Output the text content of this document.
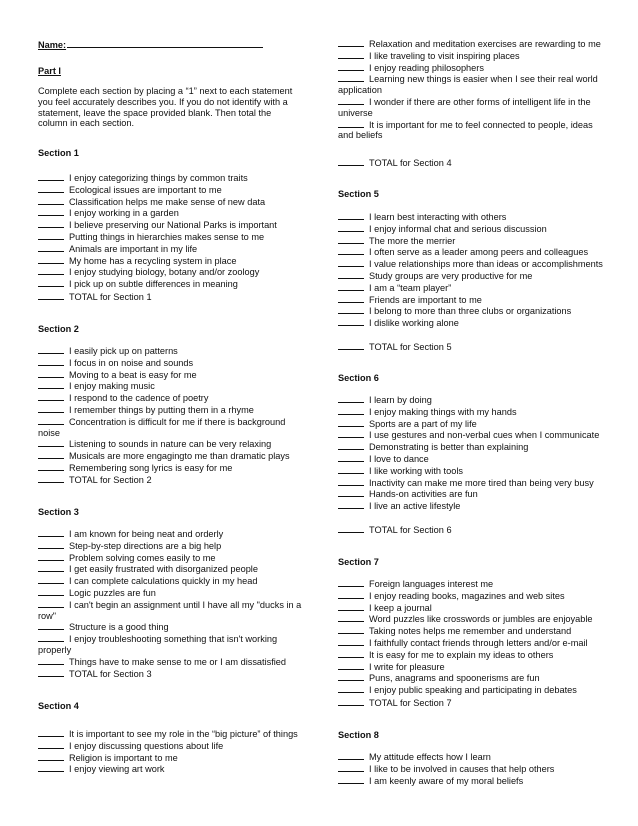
Name:
Part I
Complete each section by placing a “1” next to each statement you feel accurately describes you. If you do not identify with a statement, leave the space provided blank. Then total the column in each section.
Section 1
I enjoy categorizing things by common traits
Ecological issues are important to me
Classification helps me make sense of new data
I enjoy working in a garden
I believe preserving our National Parks is important
Putting things in hierarchies makes sense to me
Animals are important in my life
My home has a recycling system in place
I enjoy studying biology, botany and/or zoology
I pick up on subtle differences in meaning
TOTAL for Section 1
Section 2
I easily pick up on patterns
I focus in on noise and sounds
Moving to a beat is easy for me
I enjoy making music
I respond to the cadence of poetry
I remember things by putting them in a rhyme
Concentration is difficult for me if there is background noise
Listening to sounds in nature can be very relaxing
Musicals are more engagingto me than dramatic plays
Remembering song lyrics is easy for me
TOTAL for Section 2
Section 3
I am known for being neat and orderly
Step-by-step directions are a big help
Problem solving comes easily to me
I get easily frustrated with disorganized people
I can complete calculations quickly in my head
Logic puzzles are fun
I can't begin an assignment until I have all my "ducks in a row"
Structure is a good thing
I enjoy troubleshooting something that isn't working properly
Things have to make sense to me or I am dissatisfied
TOTAL for Section 3
Section 4
It is important to see my role in the “big picture” of things
I enjoy discussing questions about life
Religion is important to me
I enjoy viewing art work
Relaxation and meditation exercises are rewarding to me
I like traveling to visit inspiring places
I enjoy reading philosophers
Learning new things is easier when I see their real world application
I wonder if there are other forms of intelligent life in the universe
It is important for me to feel connected to people, ideas and beliefs
TOTAL for Section 4
Section 5
I learn best interacting with others
I enjoy informal chat and serious discussion
The more the merrier
I often serve as a leader among peers and colleagues
I value relationships more than ideas or accomplishments
Study groups are very productive for me
I am a “team player”
Friends are important to me
I belong to more than three clubs or organizations
I dislike working alone
TOTAL for Section 5
Section 6
I learn by doing
I enjoy making things with my hands
Sports are a part of my life
I use gestures and non-verbal cues when I communicate
Demonstrating is better than explaining
I love to dance
I like working with tools
Inactivity can make me more tired than being very busy
Hands-on activities are fun
I live an active lifestyle
TOTAL for Section 6
Section 7
Foreign languages interest me
I enjoy reading books, magazines and web sites
I keep a journal
Word puzzles like crosswords or jumbles are enjoyable
Taking notes helps me remember and understand
I faithfully contact friends through letters and/or e-mail
It is easy for me to explain my ideas to others
I write for pleasure
Puns, anagrams and spoonerisms are fun
I enjoy public speaking and participating in debates
TOTAL for Section 7
Section 8
My attitude effects how I learn
I like to be involved in causes that help others
I am keenly aware of my moral beliefs
